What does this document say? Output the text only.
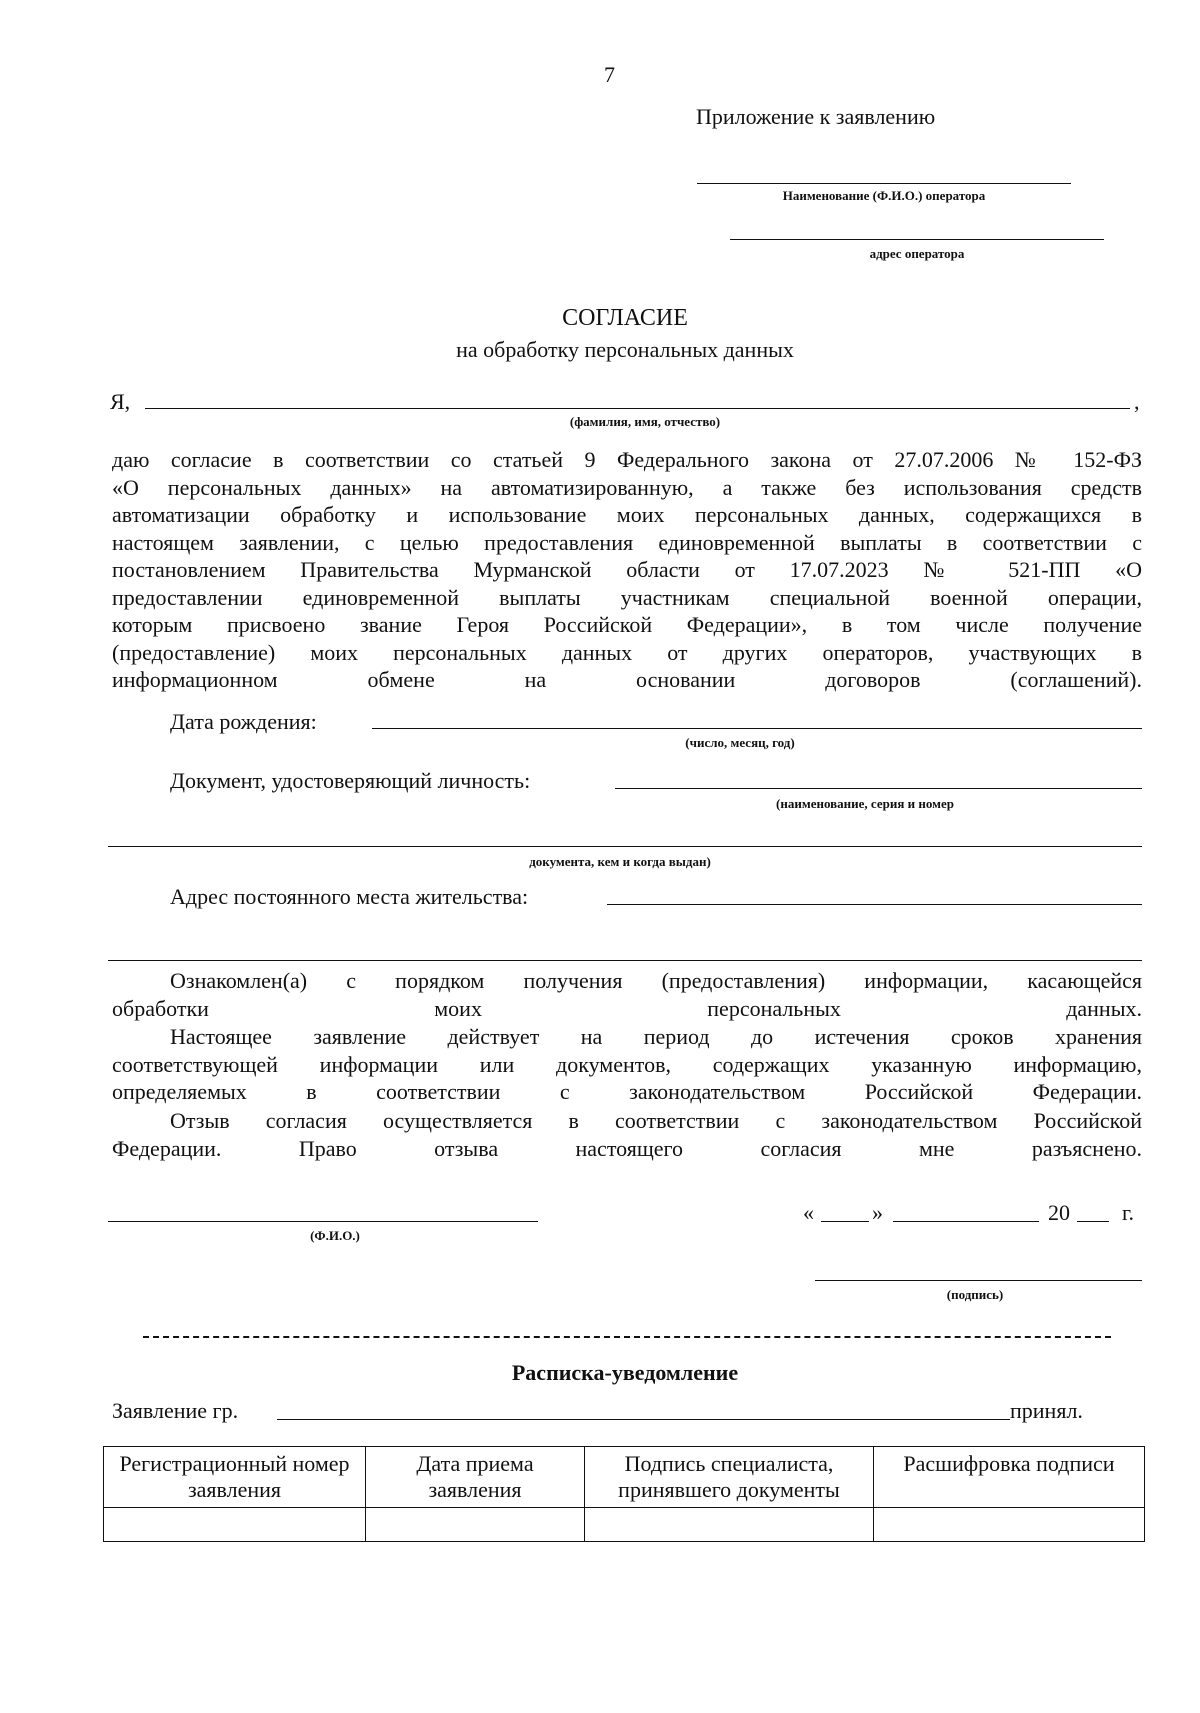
7
Приложение к заявлению
Наименование (Ф.И.О.) оператора
адрес оператора
СОГЛАСИЕ
на обработку персональных данных
Я,	,
(фамилия, имя, отчество)
даю согласие в соответствии со статьей 9 Федерального закона от 27.07.2006 № 152-ФЗ
«О персональных данных» на автоматизированную, а также без использования средств
автоматизации обработку и использование моих персональных данных, содержащихся в
настоящем заявлении, с целью предоставления единовременной выплаты в соответствии с
постановлением Правительства Мурманской области от 17.07.2023 № 521-ПП «О
предоставлении единовременной выплаты участникам специальной военной операции,
которым присвоено звание Героя Российской Федерации», в том числе получение
(предоставление) моих персональных данных от других операторов, участвующих в
информационном обмене на основании договоров (соглашений).
Дата рождения:
(число, месяц, год)
Документ, удостоверяющий личность:
(наименование, серия и номер
документа, кем и когда выдан)
Адрес постоянного места жительства:
Ознакомлен(а) с порядком получения (предоставления) информации, касающейся
обработки моих персональных данных.
Настоящее заявление действует на период до истечения сроков хранения
соответствующей информации или документов, содержащих указанную информацию,
определяемых в соответствии с законодательством Российской Федерации.
Отзыв согласия осуществляется в соответствии с законодательством Российской
Федерации. Право отзыва настоящего согласия мне разъяснено.
(Ф.И.О.)
«	»	20 г.
(подпись)
Расписка-уведомление
Заявление гр.	принял.
Регистрационный номер заявления	Дата приема заявления	Подпись специалиста, принявшего документы	Расшифровка подписи
